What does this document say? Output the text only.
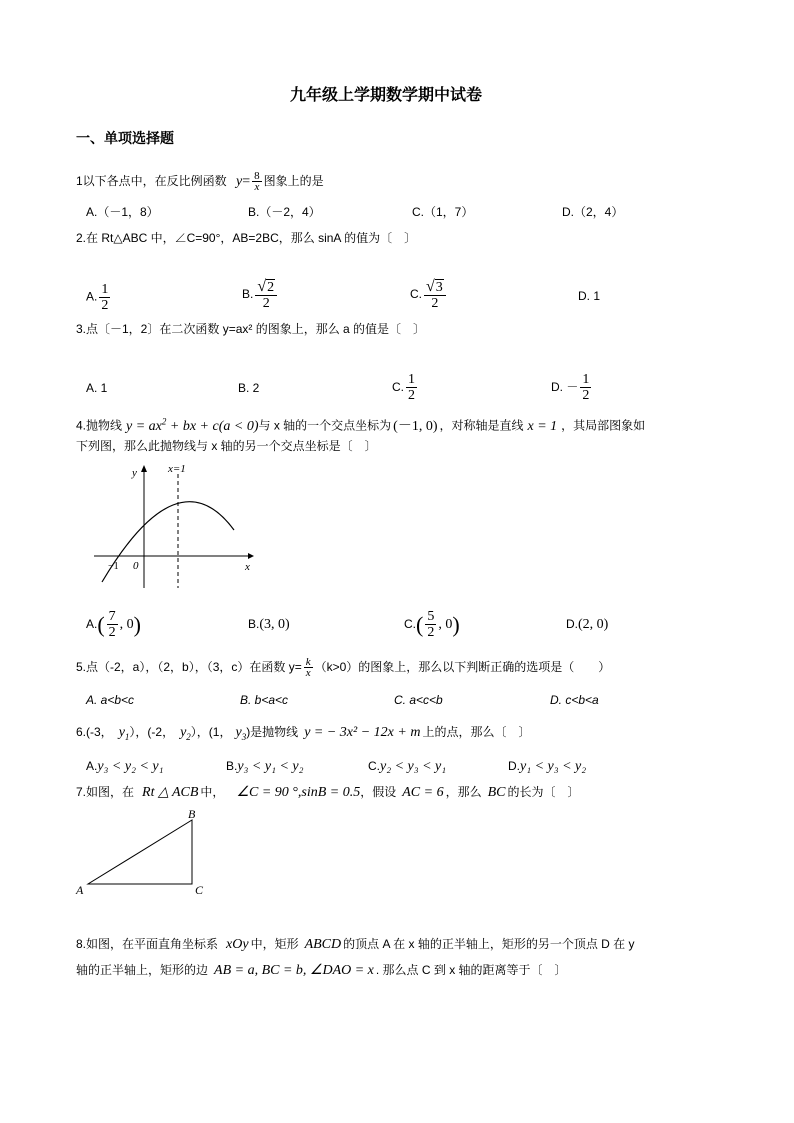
九年级上学期数学期中试卷
一、单项选择题
1以下各点中，在反比例函数 $y= \frac{8}{x}$ 图象上的是
A.（－1，8）	B.（－2，4）	C.（1，7）	D.（2，4）
2.在 Rt△ABC 中，∠C=90°，AB=2BC，那么 sinA 的值为〔　〕
A. $\frac{1}{2}$	B. $\frac{√ 2}{2}$	C. $\frac{√ 3}{2}$	D. 1
3.点〔－1，2〕在二次函数 y=ax² 的图象上，那么 a 的值是〔　〕
A. 1	B. 2	C. $\frac{1}{2}$	D. － $\frac{1}{2}$
4.抛物线 $y = ax^2$ + bx + c(a < 0)与 x 轴的一个交点坐标为 (－1, 0) ，对称轴是直线 x = 1 ，其局部图象如
下列图，那么此抛物线与 x 轴的另一个交点坐标是〔　〕
y	x=1
x
−1 0
$A.( \frac{7}{2}$ , 0)	B.(3, 0)	$C.( \frac{5}{2}$ , 0)	D.(2, 0)
5.点（-2，a），（2，b），（3，c）在函数 $y= \frac{k}{x} (k>0)$的图象上，那么以下判断正确的选项是（　　）
A. a<b<c	B. b<a<c	C. a<c<b	D. c<b<a
6.(-3， $y_1$），(-2， $y_2$），(1， $y_3$)是抛物线 y = − 3x² − 12x + m 上的点，那么〔　〕
A.y₃ < y₂ < y₁	B.y₃ < y₁ < y₂	C.y₂ < y₃ < y₁	D.y₁ < y₃ < y₂
7.如图，在 Rt △ ACB 中， ∠C = 90 °,sinB = 0.5，假设 AC = 6 ，那么 BC 的长为〔　〕
A
B
C
8.如图，在平面直角坐标系 xOy 中，矩形 ABCD 的顶点 A 在 x 轴的正半轴上，矩形的另一个顶点 D 在 y
轴的正半轴上，矩形的边 AB = a, BC = b, ∠DAO = x . 那么点 C 到 x 轴的距离等于〔　〕
